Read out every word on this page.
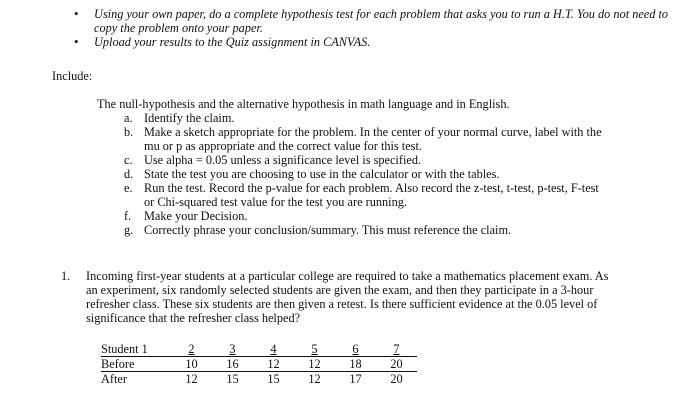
• Using your own paper, do a complete hypothesis test for each problem that asks you to run a H.T. You do not need to copy the problem onto your paper.
• Upload your results to the Quiz assignment in CANVAS.
Include:
The null-hypothesis and the alternative hypothesis in math language and in English.
a. Identify the claim.
b. Make a sketch appropriate for the problem. In the center of your normal curve, label with the mu or p as appropriate and the correct value for this test.
c. Use alpha = 0.05 unless a significance level is specified.
d. State the test you are choosing to use in the calculator or with the tables.
e. Run the test. Record the p-value for each problem. Also record the z-test, t-test, p-test, F-test or Chi-squared test value for the test you are running.
f. Make your Decision.
g. Correctly phrase your conclusion/summary. This must reference the claim.
1.	Incoming first-year students at a particular college are required to take a mathematics placement exam. As an experiment, six randomly selected students are given the exam, and then they participate in a 3-hour refresher class. These six students are then given a retest. Is there sufficient evidence at the 0.05 level of significance that the refresher class helped?
Student 1	2	3	4	5	6	7
Before	10	16	12	12	18	20
After	12	15	15	12	17	20
